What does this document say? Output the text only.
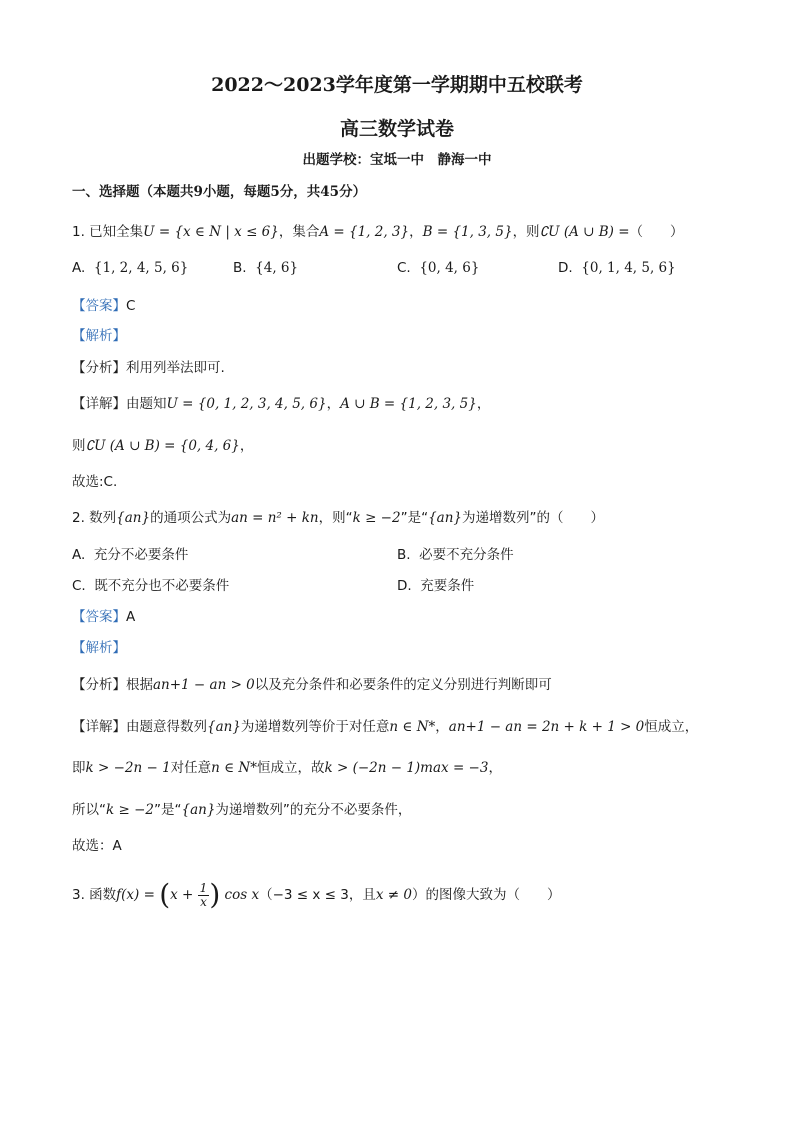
2022～2023学年度第一学期期中五校联考
高三数学试卷
出题学校：宝坻一中　静海一中
一、选择题（本题共9小题，每题5分，共45分）
1. 已知全集U = {x ∈ N | x ≤ 6}，集合A = {1, 2, 3}，B = {1, 3, 5}，则∁U (A ∪ B) =（　　）
A. {1, 2, 4, 5, 6}	B. {4, 6}	C. {0, 4, 6}	D. {0, 1, 4, 5, 6}
【答案】C
【解析】
【分析】利用列举法即可.
【详解】由题知U = {0, 1, 2, 3, 4, 5, 6}，A ∪ B = {1, 2, 3, 5}，
则∁U (A ∪ B) = {0, 4, 6}，
故选:C.
2. 数列{an}的通项公式为an = n² + kn，则“k ≥ −2”是“{an}为递增数列”的（　　）
A. 充分不必要条件	B. 必要不充分条件
C. 既不充分也不必要条件	D. 充要条件
【答案】A
【解析】
【分析】根据an+1 − an > 0以及充分条件和必要条件的定义分别进行判断即可
【详解】由题意得数列{an}为递增数列等价于对任意n ∈ N*，an+1 − an = 2n + k + 1 > 0恒成立，
即k > −2n − 1对任意n ∈ N*恒成立，故k > (−2n − 1)max = −3，
所以“k ≥ −2”是“{an}为递增数列”的充分不必要条件，
故选：A
3. 函数$f(x) = (x + \frac{1}{x}$ ) cos x（−3 ≤ x ≤ 3，且x ≠ 0）的图像大致为（　　）
